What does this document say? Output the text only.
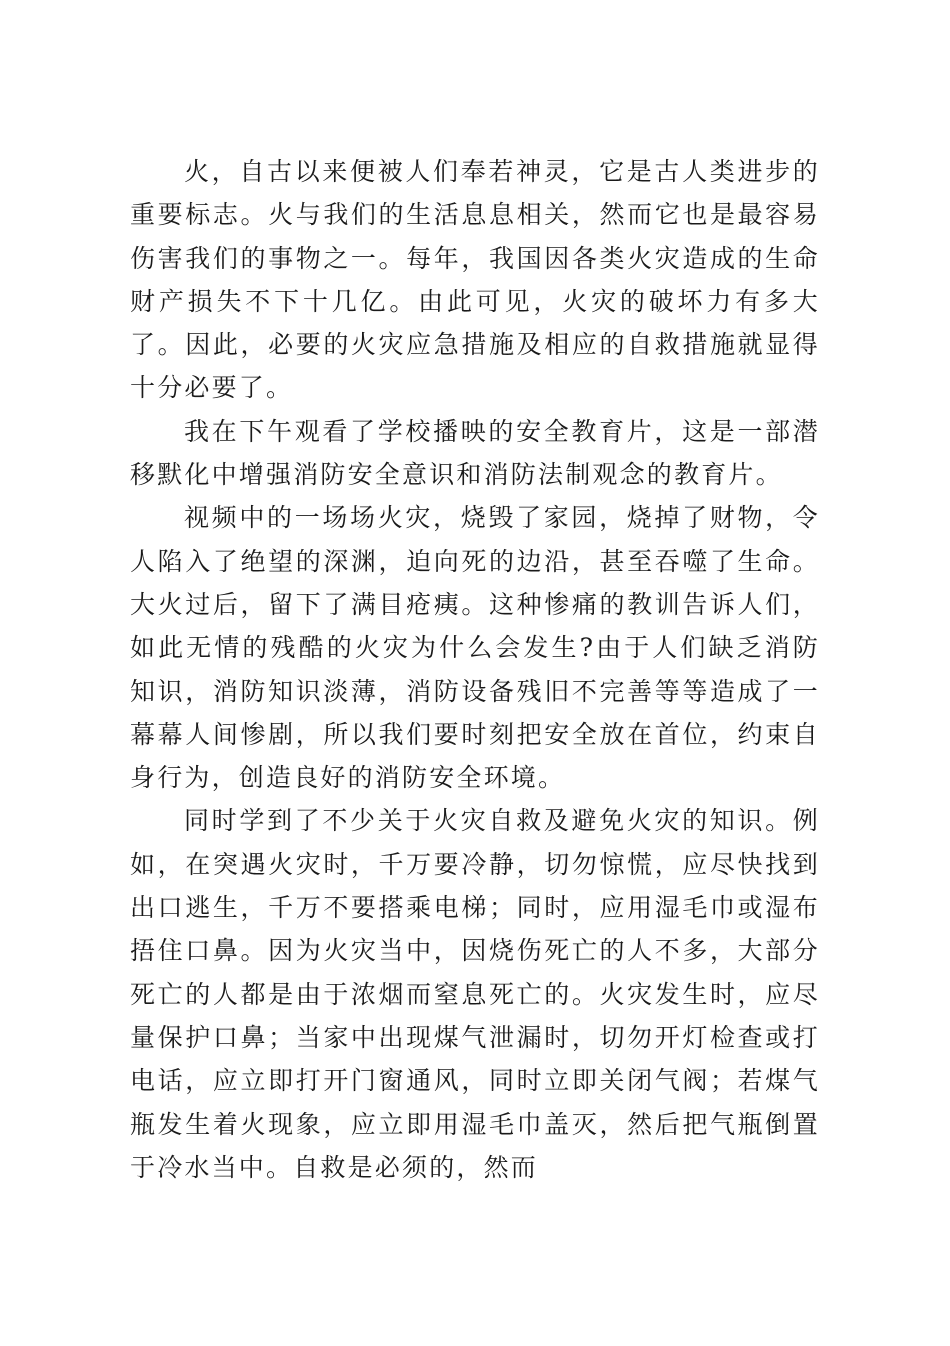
火，自古以来便被人们奉若神灵，它是古人类进步的重要标志。火与我们的生活息息相关，然而它也是最容易伤害我们的事物之一。每年，我国因各类火灾造成的生命财产损失不下十几亿。由此可见，火灾的破坏力有多大了。因此，必要的火灾应急措施及相应的自救措施就显得十分必要了。

我在下午观看了学校播映的安全教育片，这是一部潜移默化中增强消防安全意识和消防法制观念的教育片。

视频中的一场场火灾，烧毁了家园，烧掉了财物，令人陷入了绝望的深渊，迫向死的边沿，甚至吞噬了生命。大火过后，留下了满目疮痍。这种惨痛的教训告诉人们，如此无情的残酷的火灾为什么会发生?由于人们缺乏消防知识，消防知识淡薄，消防设备残旧不完善等等造成了一幕幕人间惨剧，所以我们要时刻把安全放在首位，约束自身行为，创造良好的消防安全环境。

同时学到了不少关于火灾自救及避免火灾的知识。例如，在突遇火灾时，千万要冷静，切勿惊慌，应尽快找到出口逃生，千万不要搭乘电梯；同时，应用湿毛巾或湿布捂住口鼻。因为火灾当中，因烧伤死亡的人不多，大部分死亡的人都是由于浓烟而窒息死亡的。火灾发生时，应尽量保护口鼻；当家中出现煤气泄漏时，切勿开灯检查或打电话，应立即打开门窗通风，同时立即关闭气阀；若煤气瓶发生着火现象，应立即用湿毛巾盖灭，然后把气瓶倒置于冷水当中。自救是必须的，然而
